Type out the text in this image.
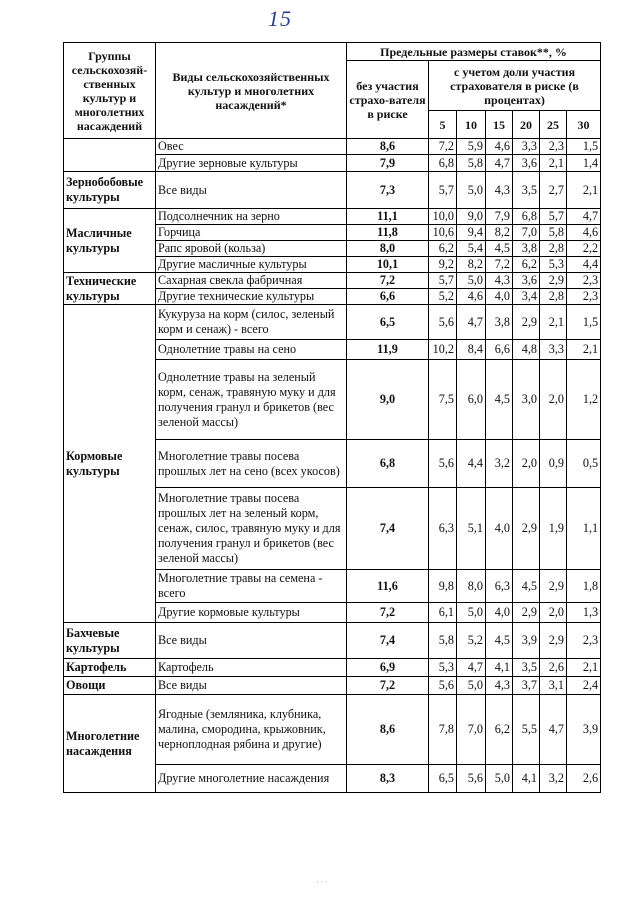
15
Группы сельскохозяй-ственных культур и многолетних насаждений	Виды сельскохозяйственных культур и многолетних насаждений*	Предельные размеры ставок**, %						
		без участия страхо-вателя в риске	с учетом доли участия страхователя в риске (в процентах)					
			5	10	15	20	25	30
	Овес	8,6	7,2	5,9	4,6	3,3	2,3	1,5
	Другие зерновые культуры	7,9	6,8	5,8	4,7	3,6	2,1	1,4
Зернобобовые культуры	Все виды	7,3	5,7	5,0	4,3	3,5	2,7	2,1
Масличные культуры	Подсолнечник на зерно	11,1	10,0	9,0	7,9	6,8	5,7	4,7
	Горчица	11,8	10,6	9,4	8,2	7,0	5,8	4,6
	Рапс яровой (кольза)	8,0	6,2	5,4	4,5	3,8	2,8	2,2
	Другие масличные культуры	10,1	9,2	8,2	7,2	6,2	5,3	4,4
Технические культуры	Сахарная свекла фабричная	7,2	5,7	5,0	4,3	3,6	2,9	2,3
	Другие технические культуры	6,6	5,2	4,6	4,0	3,4	2,8	2,3
Кормовые культуры	Кукуруза на корм (силос, зеленый корм и сенаж) - всего	6,5	5,6	4,7	3,8	2,9	2,1	1,5
	Однолетние травы на сено	11,9	10,2	8,4	6,6	4,8	3,3	2,1
	Однолетние травы на зеленый корм, сенаж, травяную муку и для получения гранул и брикетов (вес зеленой массы)	9,0	7,5	6,0	4,5	3,0	2,0	1,2
	Многолетние травы посева прошлых лет на сено (всех укосов)	6,8	5,6	4,4	3,2	2,0	0,9	0,5
	Многолетние травы посева прошлых лет на зеленый корм, сенаж, силос, травяную муку и для получения гранул и брикетов (вес зеленой массы)	7,4	6,3	5,1	4,0	2,9	1,9	1,1
	Многолетние травы на семена - всего	11,6	9,8	8,0	6,3	4,5	2,9	1,8
	Другие кормовые культуры	7,2	6,1	5,0	4,0	2,9	2,0	1,3
Бахчевые культуры	Все виды	7,4	5,8	5,2	4,5	3,9	2,9	2,3
Картофель	Картофель	6,9	5,3	4,7	4,1	3,5	2,6	2,1
Овощи	Все виды	7,2	5,6	5,0	4,3	3,7	3,1	2,4
Многолетние насаждения	Ягодные (земляника, клубника, малина, смородина, крыжовник, черноплодная рябина и другие)	8,6	7,8	7,0	6,2	5,5	4,7	3,9
	Другие многолетние насаждения	8,3	6,5	5,6	5,0	4,1	3,2	2,6
· · ·
